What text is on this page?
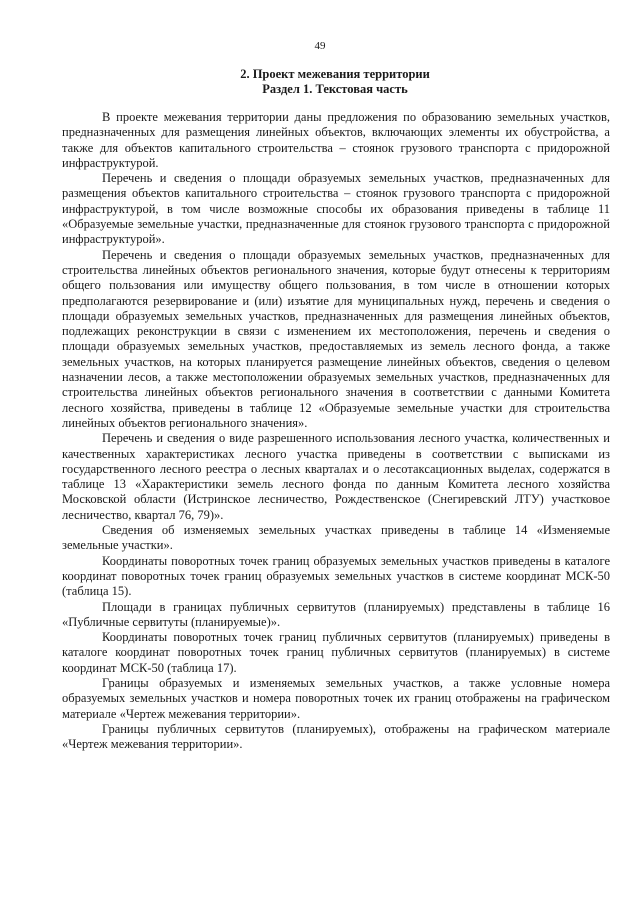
49
2. Проект межевания территории
Раздел 1. Текстовая часть

В проекте межевания территории даны предложения по образованию земельных участков, предназначенных для размещения линейных объектов, включающих элементы их обустройства, а также для объектов капитального строительства – стоянок грузового транспорта с придорожной инфраструктурой.

Перечень и сведения о площади образуемых земельных участков, предназначенных для размещения объектов капитального строительства – стоянок грузового транспорта с придорожной инфраструктурой, в том числе возможные способы их образования приведены в таблице 11 «Образуемые земельные участки, предназначенные для стоянок грузового транспорта с придорожной инфраструктурой».

Перечень и сведения о площади образуемых земельных участков, предназначенных для строительства линейных объектов регионального значения, которые будут отнесены к территориям общего пользования или имуществу общего пользования, в том числе в отношении которых предполагаются резервирование и (или) изъятие для муниципальных нужд, перечень и сведения о площади образуемых земельных участков, предназначенных для размещения линейных объектов, подлежащих реконструкции в связи с изменением их местоположения, перечень и сведения о площади образуемых земельных участков, предоставляемых из земель лесного фонда, а также земельных участков, на которых планируется размещение линейных объектов, сведения о целевом назначении лесов, а также местоположении образуемых земельных участков, предназначенных для строительства линейных объектов регионального значения в соответствии с данными Комитета лесного хозяйства, приведены в таблице 12 «Образуемые земельные участки для строительства линейных объектов регионального значения».

Перечень и сведения о виде разрешенного использования лесного участка, количественных и качественных характеристиках лесного участка приведены в соответствии с выписками из государственного лесного реестра о лесных кварталах и о лесотаксационных выделах, содержатся в таблице 13 «Характеристики земель лесного фонда по данным Комитета лесного хозяйства Московской области (Истринское лесничество, Рождественское (Снегиревский ЛТУ) участковое лесничество, квартал 76, 79)».

Сведения об изменяемых земельных участках приведены в таблице 14 «Изменяемые земельные участки».

Координаты поворотных точек границ образуемых земельных участков приведены в каталоге координат поворотных точек границ образуемых земельных участков в системе координат МСК-50 (таблица 15).

Площади в границах публичных сервитутов (планируемых) представлены в таблице 16 «Публичные сервитуты (планируемые)».

Координаты поворотных точек границ публичных сервитутов (планируемых) приведены в каталоге координат поворотных точек границ публичных сервитутов (планируемых) в системе координат МСК-50 (таблица 17).

Границы образуемых и изменяемых земельных участков, а также условные номера образуемых земельных участков и номера поворотных точек их границ отображены на графическом материале «Чертеж межевания территории».

Границы публичных сервитутов (планируемых), отображены на графическом материале «Чертеж межевания территории».
